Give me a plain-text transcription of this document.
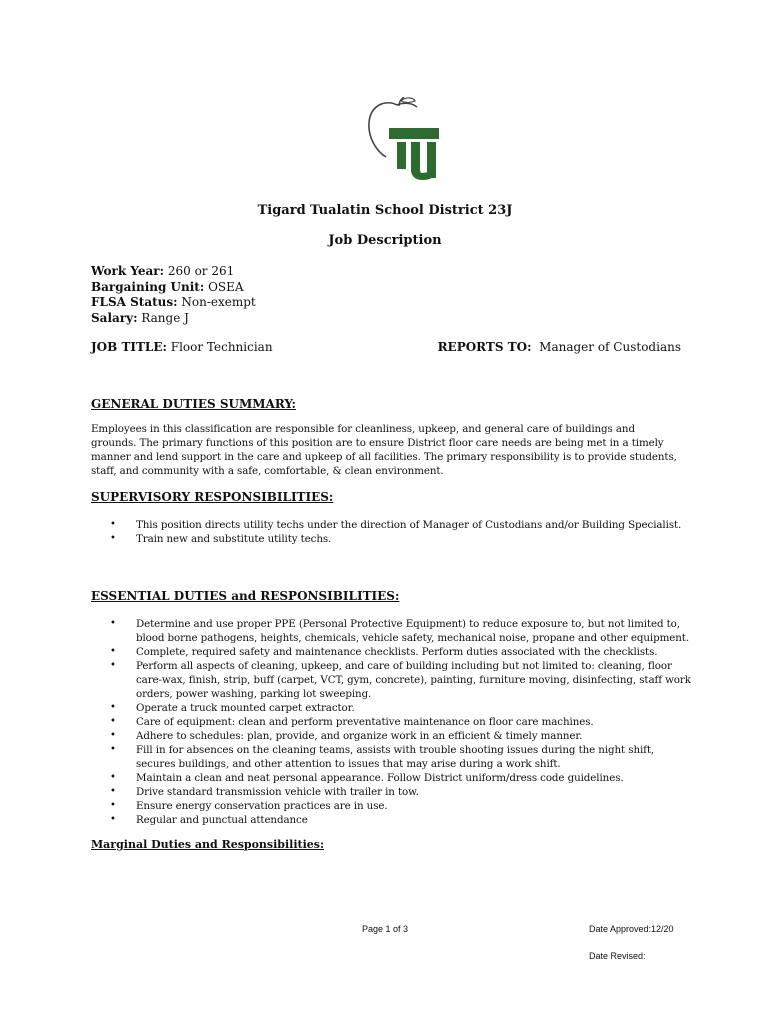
Tigard Tualatin School District 23J
Job Description
Work Year: 260 or 261
Bargaining Unit: OSEA
FLSA Status: Non-exempt
Salary: Range J
JOB TITLE: Floor Technician	REPORTS TO: Manager of Custodians
GENERAL DUTIES SUMMARY:

Employees in this classification are responsible for cleanliness, upkeep, and general care of buildings and grounds. The primary functions of this position are to ensure District floor care needs are being met in a timely manner and lend support in the care and upkeep of all facilities. The primary responsibility is to provide students, staff, and community with a safe, comfortable, & clean environment.

SUPERVISORY RESPONSIBILITIES:
• This position directs utility techs under the direction of Manager of Custodians and/or Building Specialist.
• Train new and substitute utility techs.
ESSENTIAL DUTIES and RESPONSIBILITIES:
• Determine and use proper PPE (Personal Protective Equipment) to reduce exposure to, but not limited to, blood borne pathogens, heights, chemicals, vehicle safety, mechanical noise, propane and other equipment.
• Complete, required safety and maintenance checklists. Perform duties associated with the checklists.
• Perform all aspects of cleaning, upkeep, and care of building including but not limited to: cleaning, floor care-wax, finish, strip, buff (carpet, VCT, gym, concrete), painting, furniture moving, disinfecting, staff work orders, power washing, parking lot sweeping.
• Operate a truck mounted carpet extractor.
• Care of equipment: clean and perform preventative maintenance on floor care machines.
• Adhere to schedules: plan, provide, and organize work in an efficient & timely manner.
• Fill in for absences on the cleaning teams, assists with trouble shooting issues during the night shift, secures buildings, and other attention to issues that may arise during a work shift.
• Maintain a clean and neat personal appearance. Follow District uniform/dress code guidelines.
• Drive standard transmission vehicle with trailer in tow.
• Ensure energy conservation practices are in use.
• Regular and punctual attendance
Marginal Duties and Responsibilities:
Page 1 of 3	Date Approved:12/20
Date Revised:
